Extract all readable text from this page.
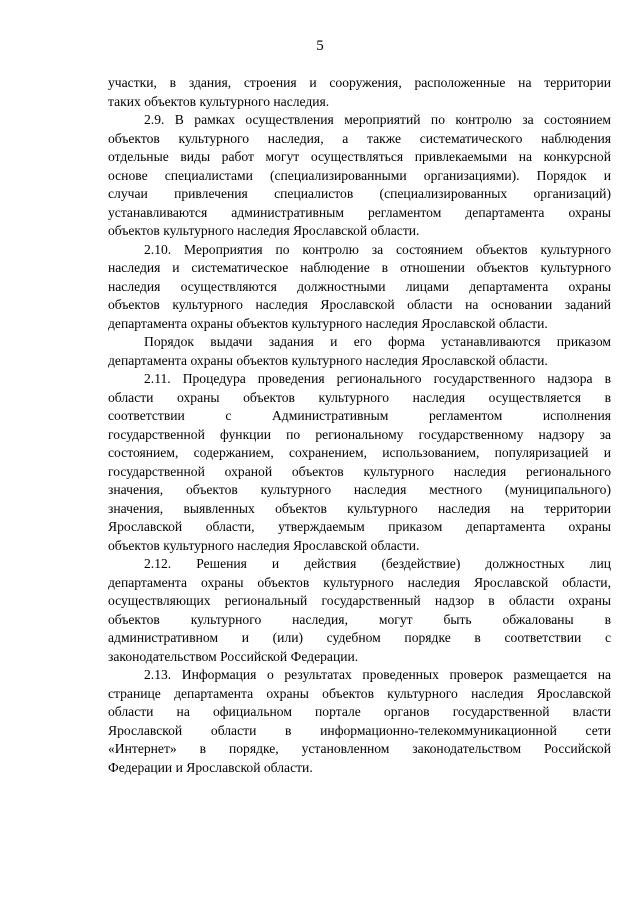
5
участки, в здания, строения и сооружения, расположенные на территории
таких объектов культурного наследия.
2.9. В рамках осуществления мероприятий по контролю за состоянием
объектов культурного наследия, а также систематического наблюдения
отдельные виды работ могут осуществляться привлекаемыми на конкурсной
основе специалистами (специализированными организациями). Порядок и
случаи привлечения специалистов (специализированных организаций)
устанавливаются административным регламентом департамента охраны
объектов культурного наследия Ярославской области.
2.10. Мероприятия по контролю за состоянием объектов культурного
наследия и систематическое наблюдение в отношении объектов культурного
наследия осуществляются должностными лицами департамента охраны
объектов культурного наследия Ярославской области на основании заданий
департамента охраны объектов культурного наследия Ярославской области.
Порядок выдачи задания и его форма устанавливаются приказом
департамента охраны объектов культурного наследия Ярославской области.
2.11. Процедура проведения регионального государственного надзора в
области охраны объектов культурного наследия осуществляется в
соответствии с Административным регламентом исполнения
государственной функции по региональному государственному надзору за
состоянием, содержанием, сохранением, использованием, популяризацией и
государственной охраной объектов культурного наследия регионального
значения, объектов культурного наследия местного (муниципального)
значения, выявленных объектов культурного наследия на территории
Ярославской области, утверждаемым приказом департамента охраны
объектов культурного наследия Ярославской области.
2.12. Решения и действия (бездействие) должностных лиц
департамента охраны объектов культурного наследия Ярославской области,
осуществляющих региональный государственный надзор в области охраны
объектов культурного наследия, могут быть обжалованы в
административном и (или) судебном порядке в соответствии с
законодательством Российской Федерации.
2.13. Информация о результатах проведенных проверок размещается на
странице департамента охраны объектов культурного наследия Ярославской
области на официальном портале органов государственной власти
Ярославской области в информационно-телекоммуникационной сети
«Интернет» в порядке, установленном законодательством Российской
Федерации и Ярославской области.
